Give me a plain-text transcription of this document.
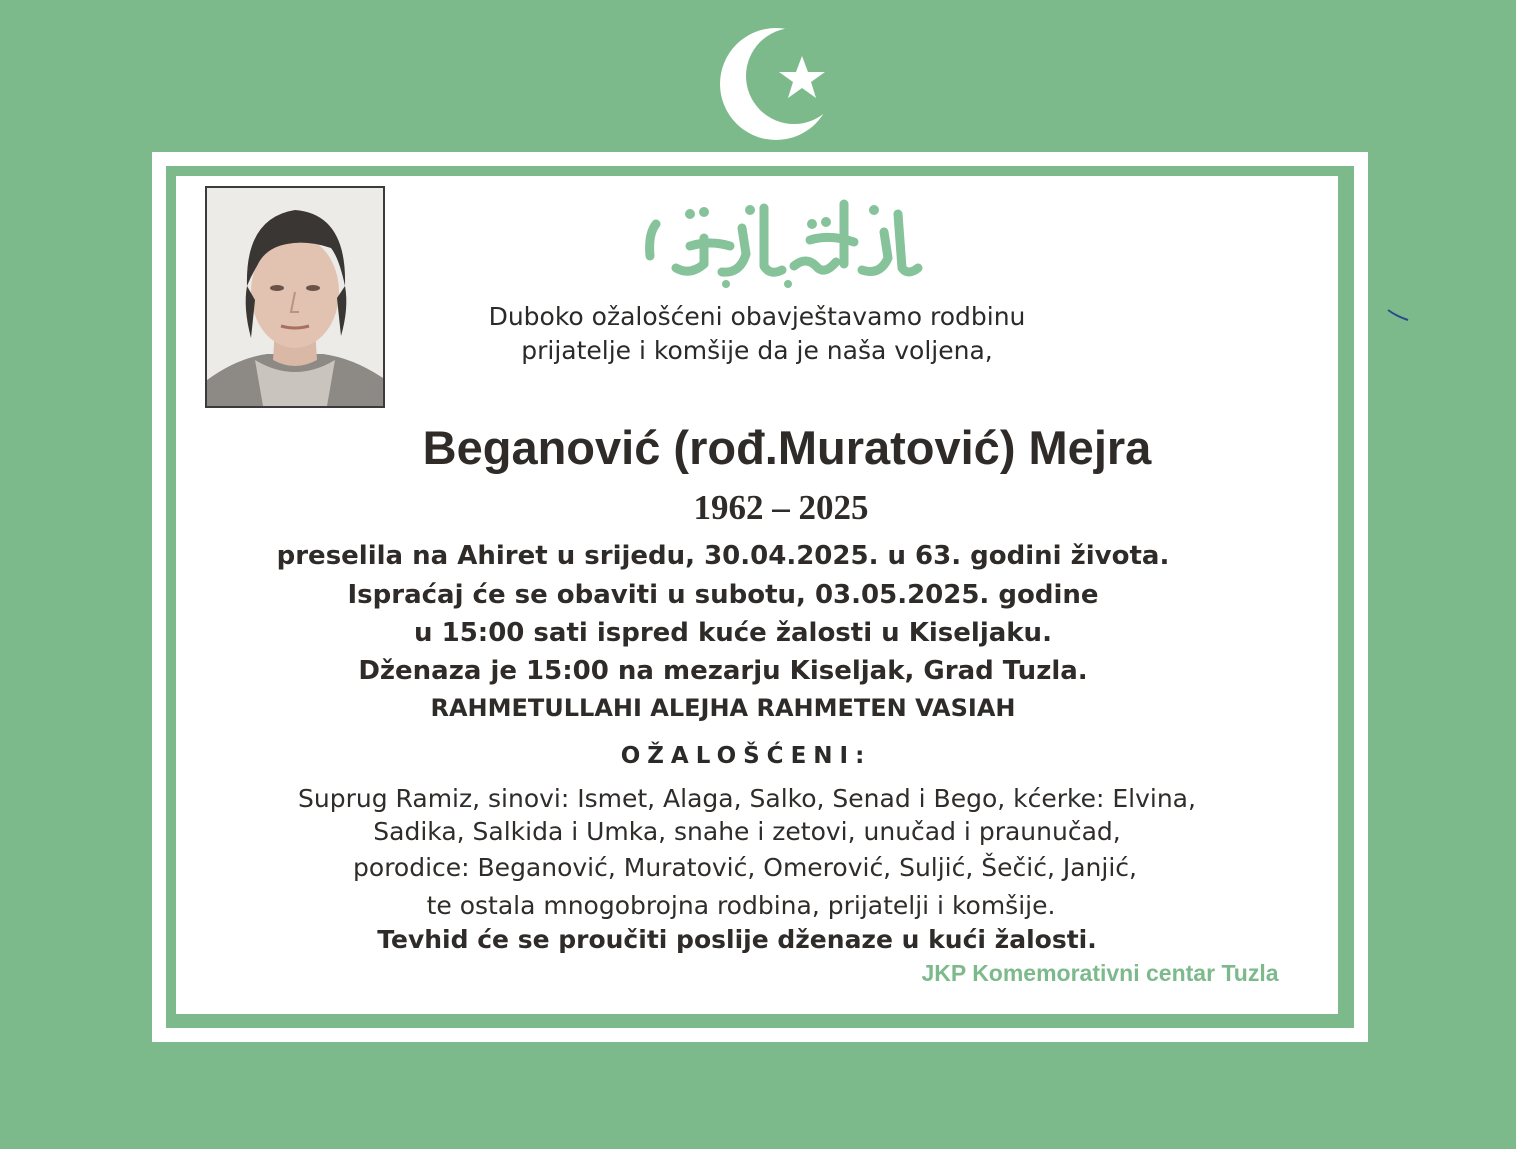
Duboko ožalošćeni obavještavamo rodbinu
prijatelje i komšije da je naša voljena,
Beganović (rođ.Muratović) Mejra
1962 – 2025
preselila na Ahiret u srijedu, 30.04.2025. u 63. godini života.
Ispraćaj će se obaviti u subotu, 03.05.2025. godine
u 15:00 sati ispred kuće žalosti u Kiseljaku.
Dženaza je 15:00 na mezarju Kiseljak, Grad Tuzla.
RAHMETULLAHI ALEJHA RAHMETEN VASIAH
OŽALOŠĆENI:
Suprug Ramiz, sinovi: Ismet, Alaga, Salko, Senad i Bego, kćerke: Elvina,
Sadika, Salkida i Umka, snahe i zetovi, unučad i praunučad,
porodice: Beganović, Muratović, Omerović, Suljić, Šečić, Janjić,
te ostala mnogobrojna rodbina, prijatelji i komšije.
Tevhid će se proučiti poslije dženaze u kući žalosti.
JKP Komemorativni centar Tuzla
